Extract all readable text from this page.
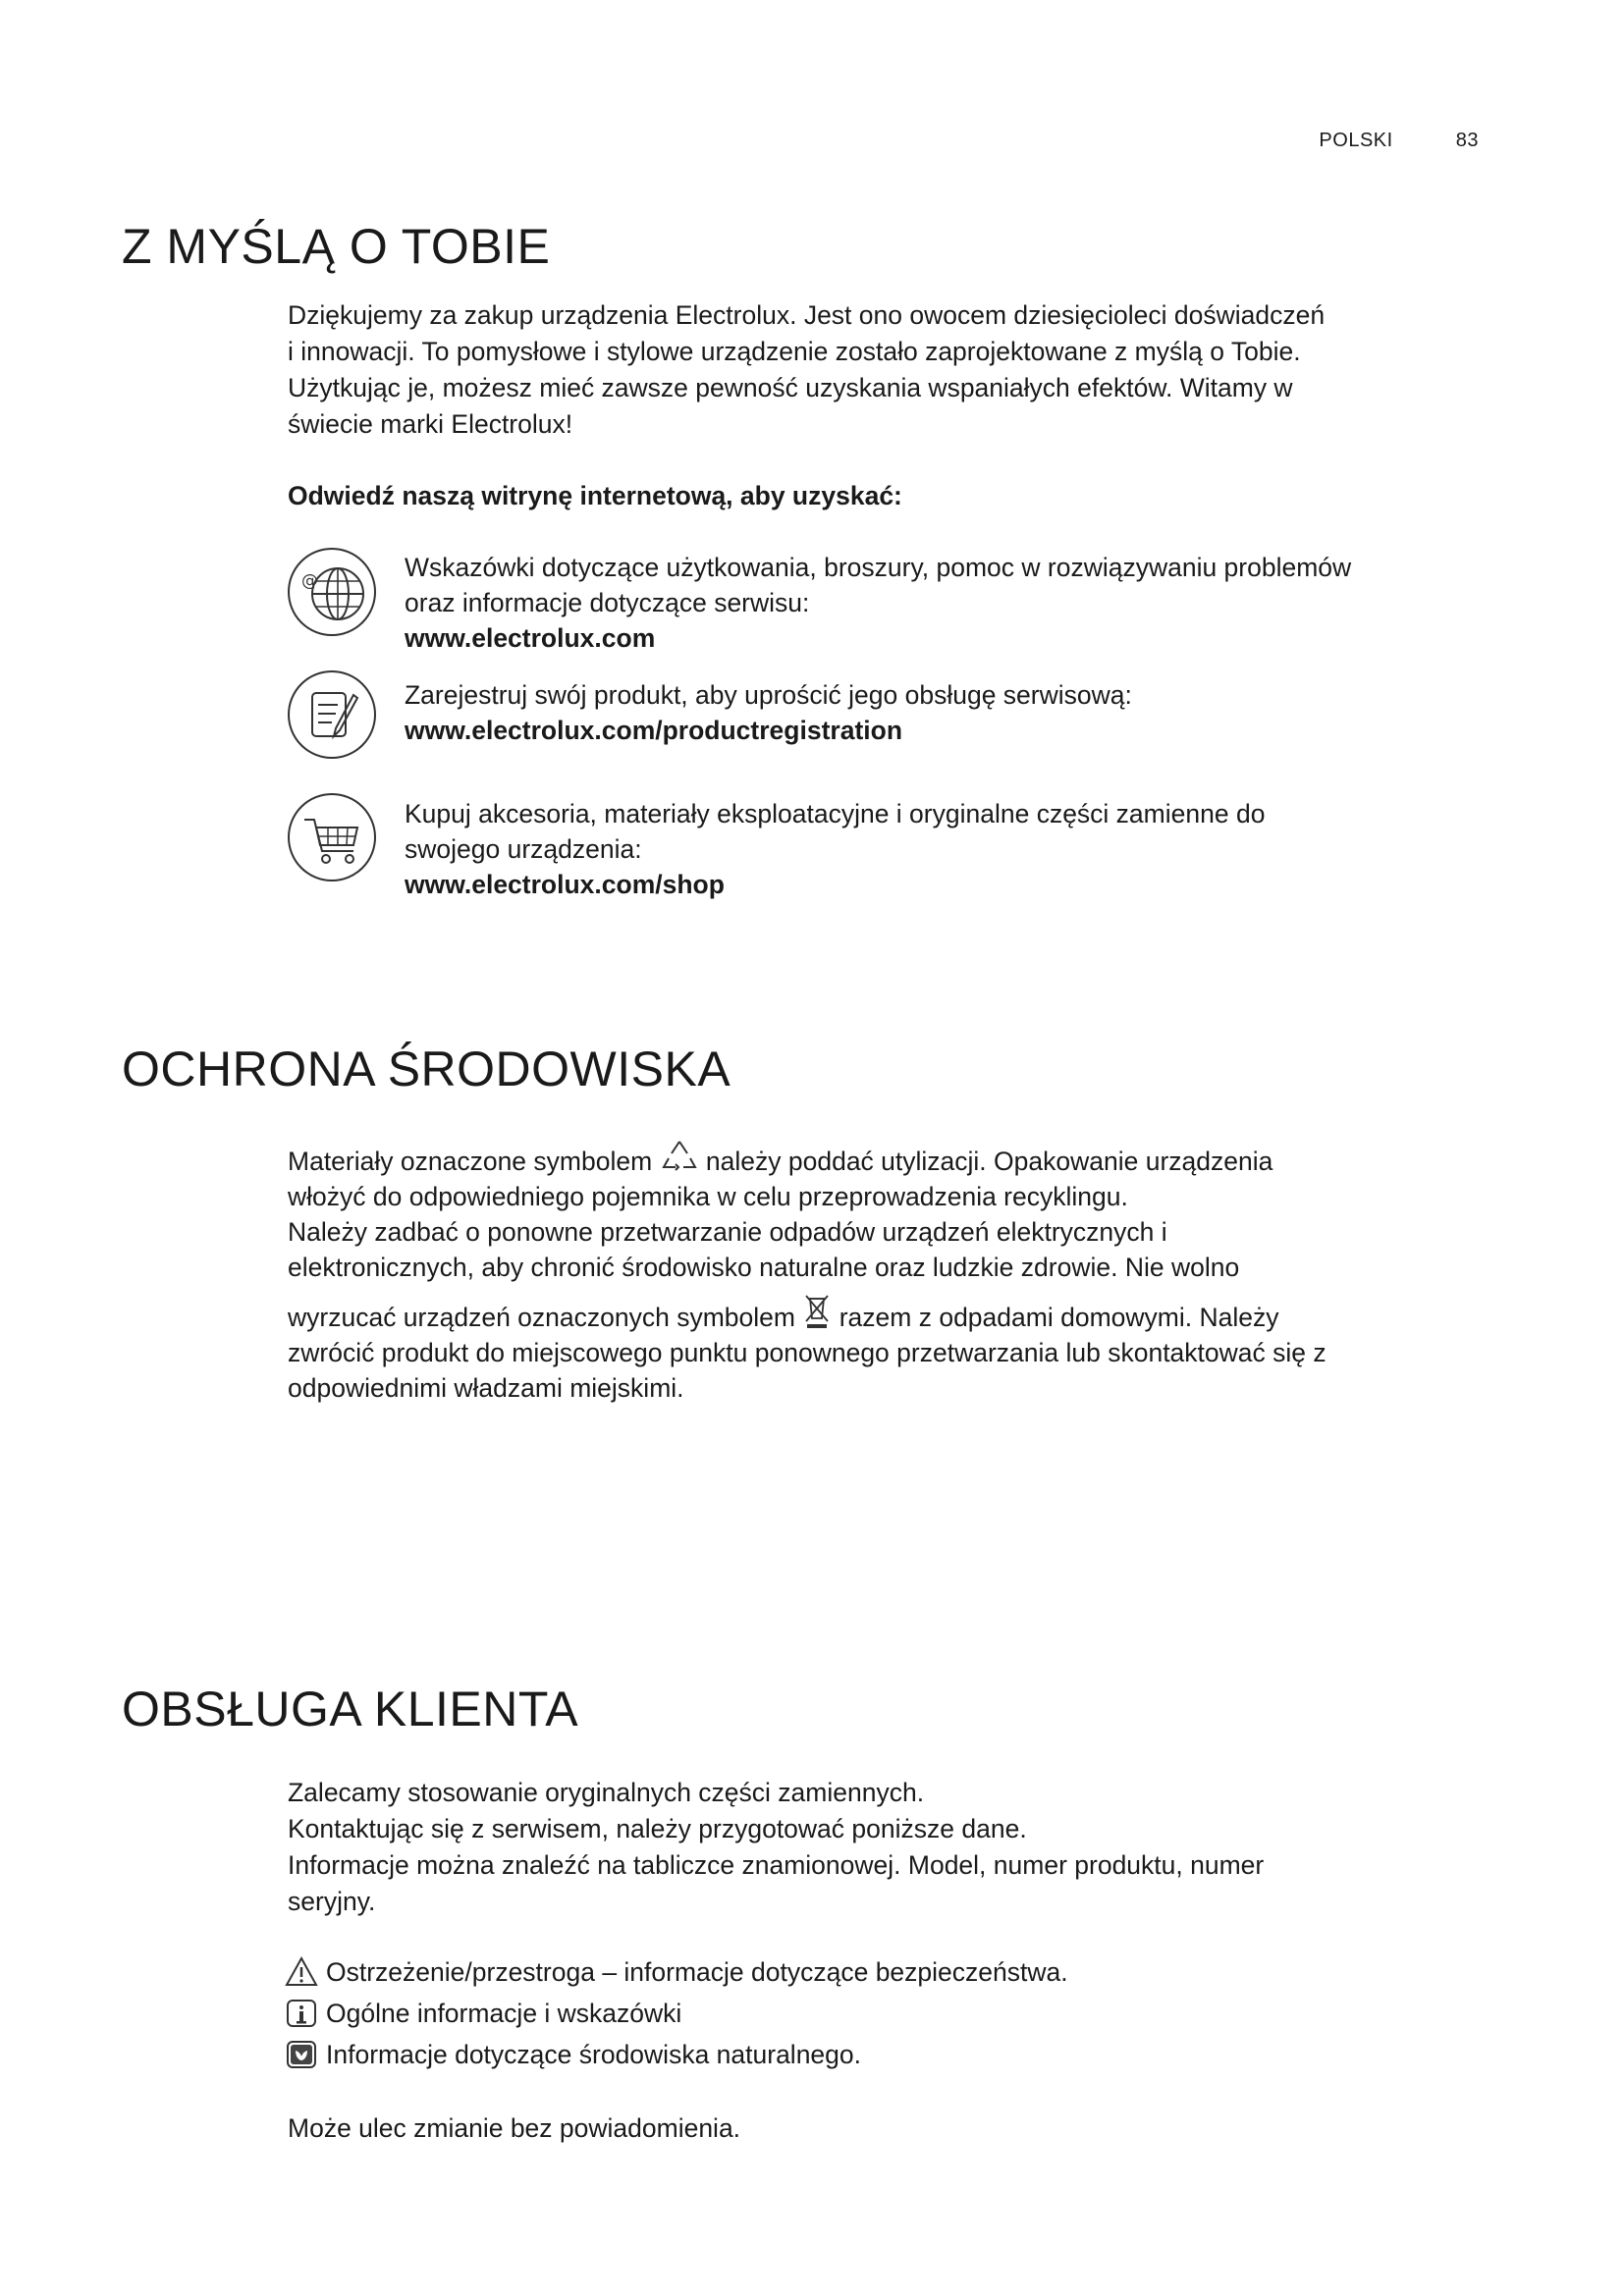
POLSKI	83
Z MYŚLĄ O TOBIE

Dziękujemy za zakup urządzenia Electrolux. Jest ono owocem dziesięcioleci doświadczeń

i innowacji. To pomysłowe i stylowe urządzenie zostało zaprojektowane z myślą o Tobie.

Użytkując je, możesz mieć zawsze pewność uzyskania wspaniałych efektów. Witamy w

świecie marki Electrolux!

Odwiedź naszą witrynę internetową, aby uzyskać:
@	Wskazówki dotyczące użytkowania, broszury, pomoc w rozwiązywaniu problemów
oraz informacje dotyczące serwisu:
www.electrolux.com
Zarejestruj swój produkt, aby uprościć jego obsługę serwisową:
www.electrolux.com/productregistration
Kupuj akcesoria, materiały eksploatacyjne i oryginalne części zamienne do
swojego urządzenia:
www.electrolux.com/shop
OCHRONA ŚRODOWISKA
Materiały oznaczone symbolem należy poddać utylizacji. Opakowanie urządzenia
włożyć do odpowiedniego pojemnika w celu przeprowadzenia recyklingu.
Należy zadbać o ponowne przetwarzanie odpadów urządzeń elektrycznych i
elektronicznych, aby chronić środowisko naturalne oraz ludzkie zdrowie. Nie wolno
wyrzucać urządzeń oznaczonych symbolem razem z odpadami domowymi. Należy
zwrócić produkt do miejscowego punktu ponownego przetwarzania lub skontaktować się z
odpowiednimi władzami miejskimi.
OBSŁUGA KLIENTA

Zalecamy stosowanie oryginalnych części zamiennych.

Kontaktując się z serwisem, należy przygotować poniższe dane.

Informacje można znaleźć na tabliczce znamionowej. Model, numer produktu, numer

seryjny.

Ostrzeżenie/przestroga – informacje dotyczące bezpieczeństwa.
Ogólne informacje i wskazówki
Informacje dotyczące środowiska naturalnego.
Może ulec zmianie bez powiadomienia.
